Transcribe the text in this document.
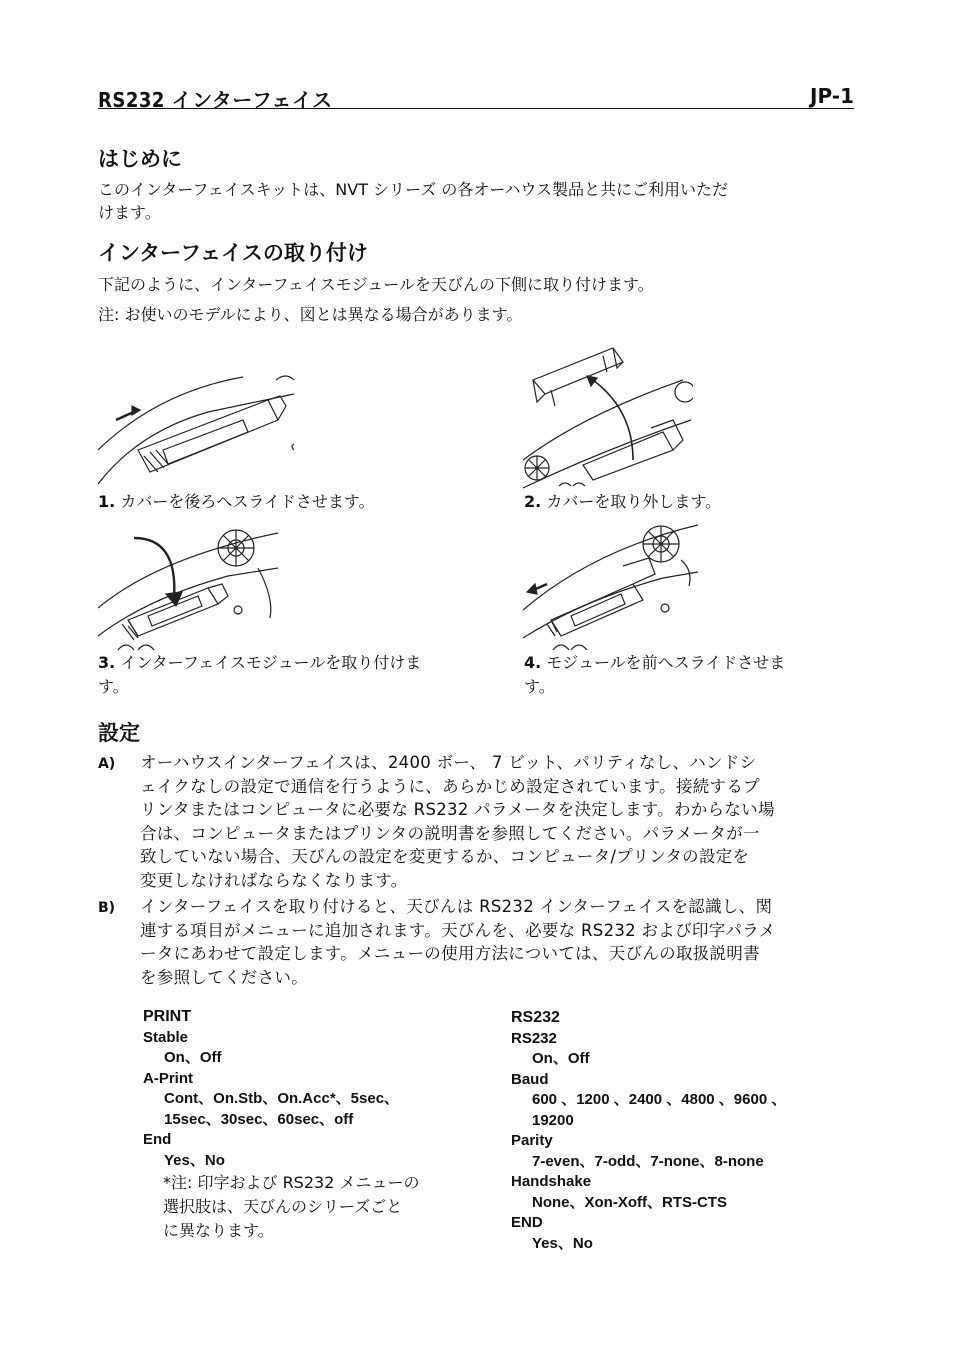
RS232 インターフェイス	JP-1
はじめに
このインターフェイスキットは、NVT シリーズ の各オーハウス製品と共にご利用いただ
けます。
インターフェイスの取り付け
下記のように、インターフェイスモジュールを天びんの下側に取り付けます。
注: お使いのモデルにより、図とは異なる場合があります。
1. カバーを後ろへスライドさせます。	2. カバーを取り外します。
3. インターフェイスモジュールを取り付けま
す。
4. モジュールを前へスライドさせま
す。
設定
A) オーハウスインターフェイスは、2400 ボー、 7 ビット、パリティなし、ハンドシ
ェイクなしの設定で通信を行うように、あらかじめ設定されています。接続するプ
リンタまたはコンピュータに必要な RS232 パラメータを決定します。わからない場
合は、コンピュータまたはプリンタの説明書を参照してください。パラメータが一
致していない場合、天びんの設定を変更するか、コンピュータ/プリンタの設定を
変更しなければならなくなります。
B) インターフェイスを取り付けると、天びんは RS232 インターフェイスを認識し、関
連する項目がメニューに追加されます。天びんを、必要な RS232 および印字パラメ
ータにあわせて設定します。メニューの使用方法については、天びんの取扱説明書
を参照してください。
PRINT
Stable
On、Off
A-Print
Cont、On.Stb、On.Acc*、5sec、
15sec、30sec、60sec、off
End
Yes、No
*注: 印字および RS232 メニューの
選択肢は、天びんのシリーズごと
に異なります。
RS232
RS232
On、Off
Baud
600 、1200 、2400 、4800 、9600 、
19200
Parity
7-even、7-odd、7-none、8-none
Handshake
None、Xon-Xoff、RTS-CTS
END
Yes、No
